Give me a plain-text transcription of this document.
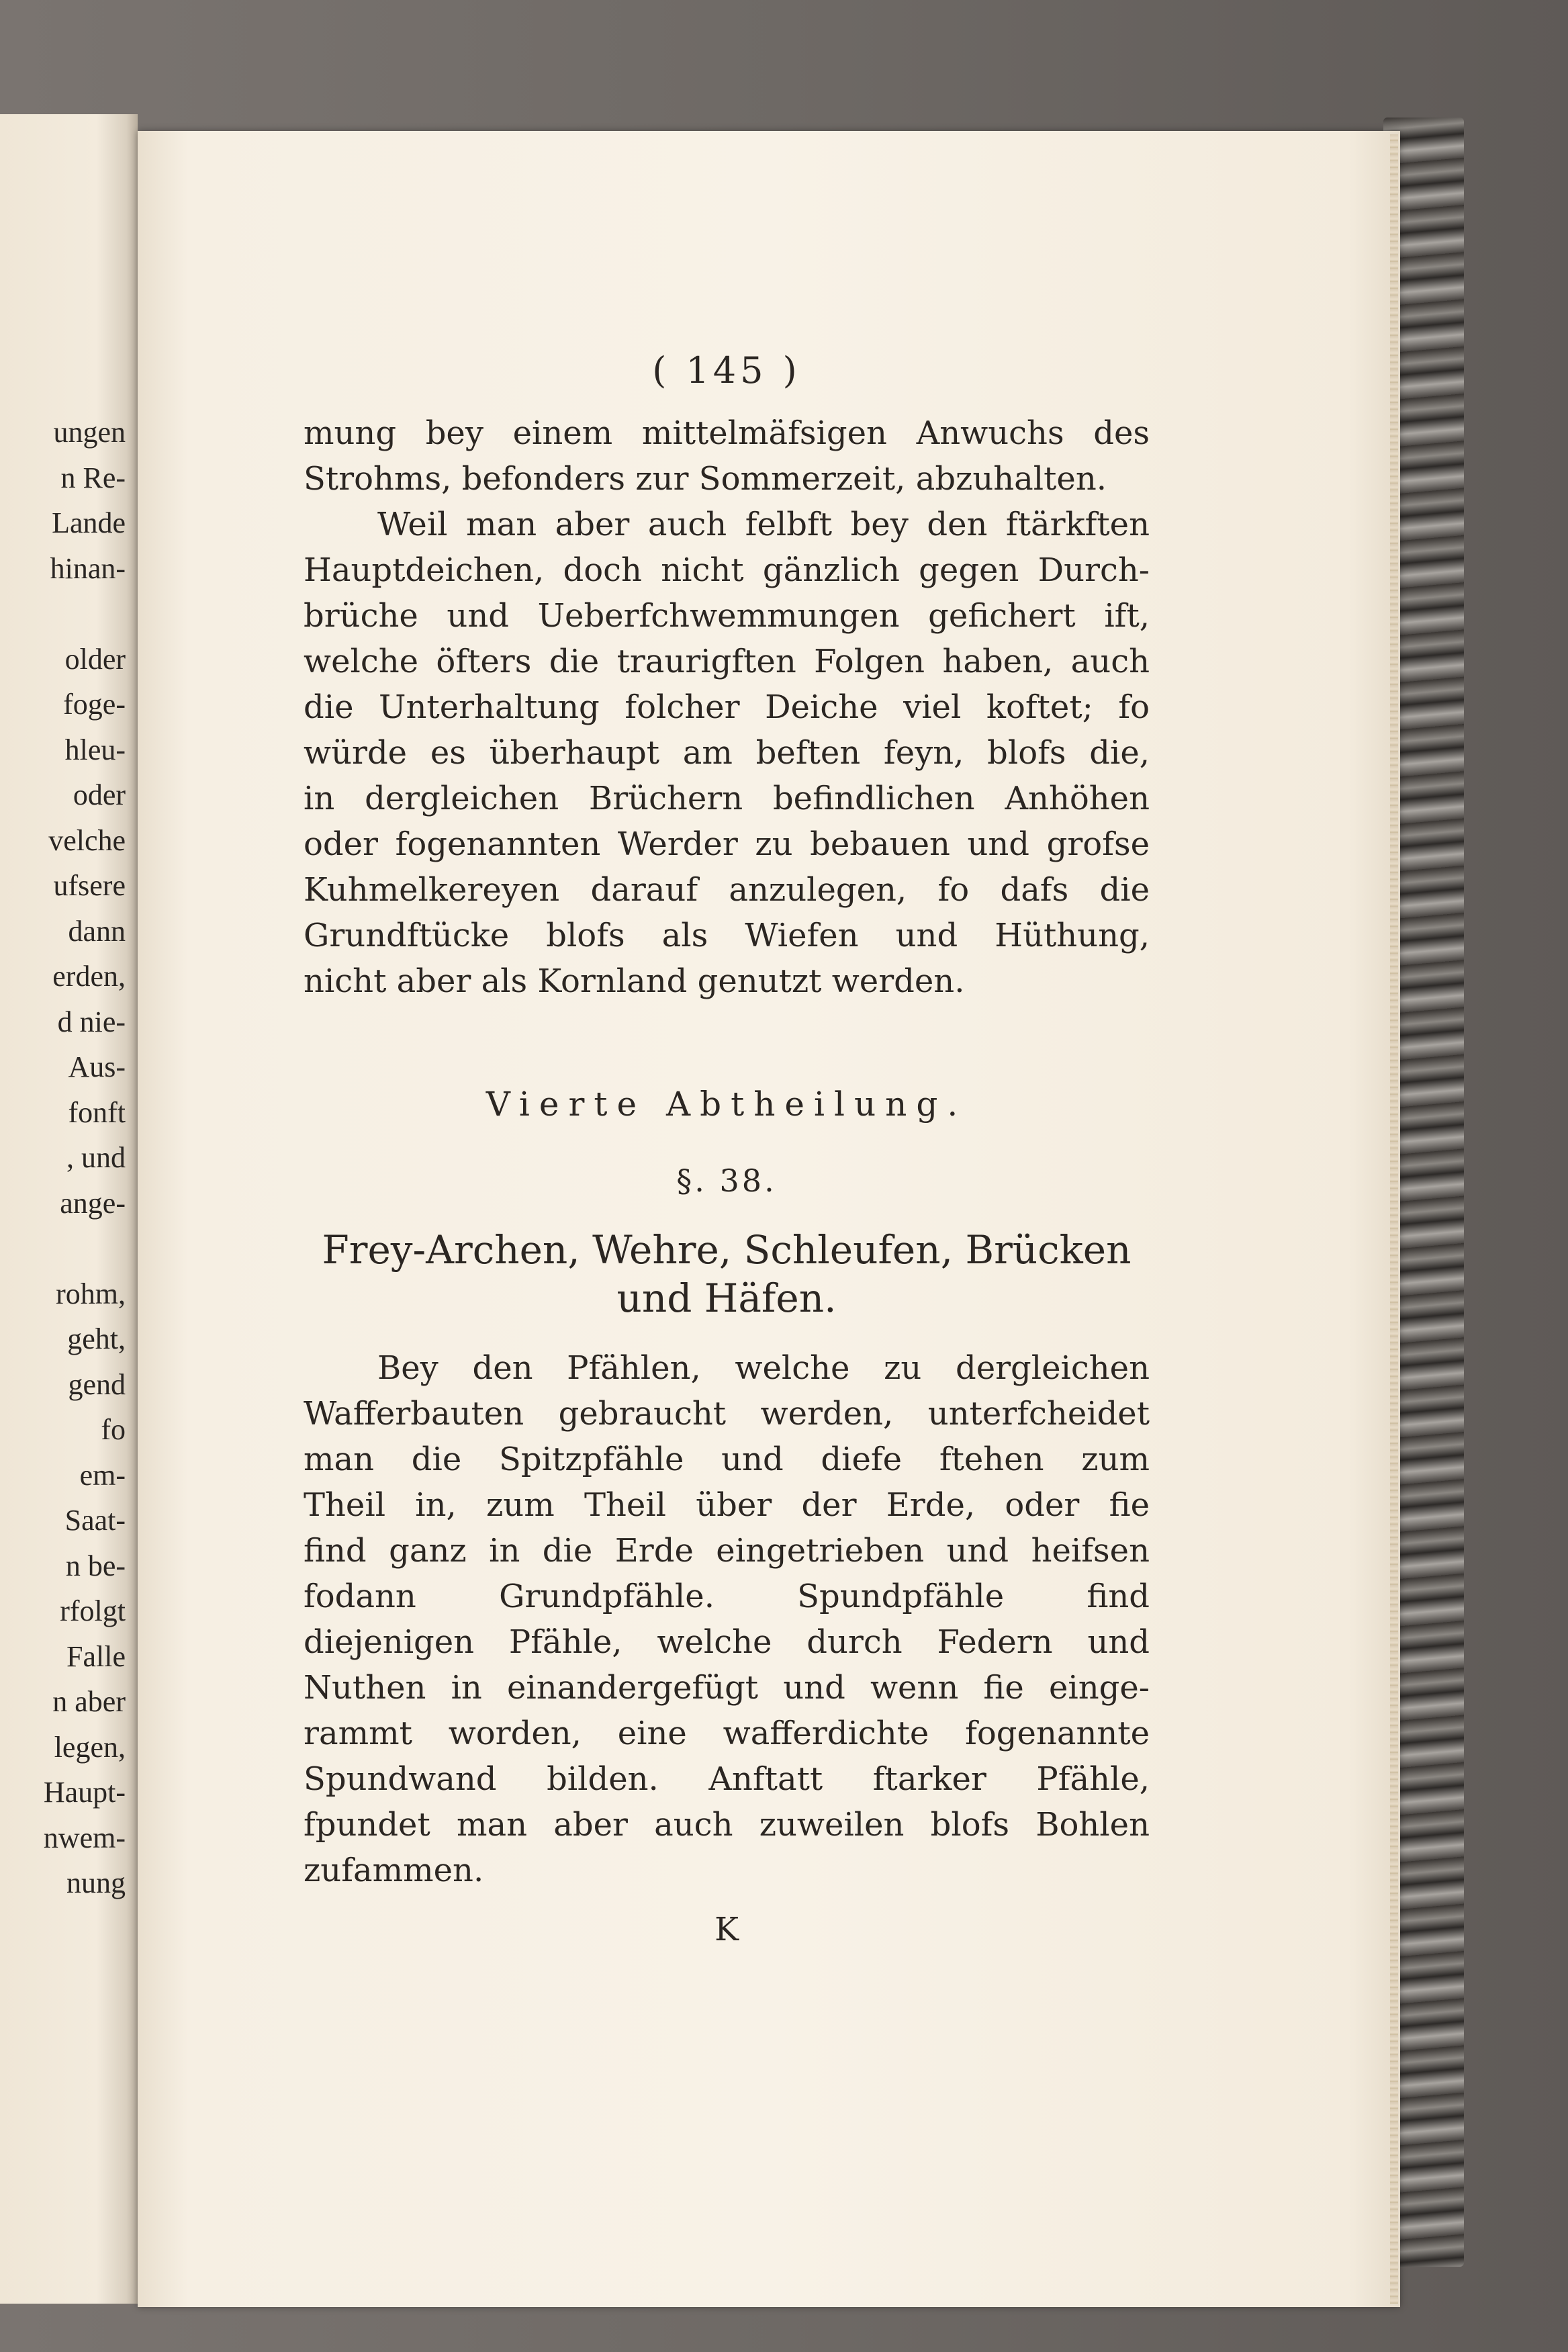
ungen
n Re-
Lande
hinan-
older
foge-
hleu-
oder
velche
ufsere
dann
erden,
d nie-
Aus-
fonft
, und
ange-
rohm,
geht,
gend
fo
em-
Saat-
n be-
rfolgt
Falle
n aber
legen,
Haupt-
nwem-
nung
( 145 )
mung bey einem mittelmäfsigen Anwuchs des
Strohms, befonders zur Sommerzeit, abzuhalten.
Weil man aber auch felbft bey den ftärkften
Hauptdeichen, doch nicht gänzlich gegen Durch-
brüche und Ueberfchwemmungen gefichert ift,
welche öfters die traurigften Folgen haben, auch
die Unterhaltung folcher Deiche viel koftet; fo
würde es überhaupt am beften feyn, blofs die,
in dergleichen Brüchern befindlichen Anhöhen
oder fogenannten Werder zu bebauen und grofse
Kuhmelkereyen darauf anzulegen, fo dafs die
Grundftücke blofs als Wiefen und Hüthung,
nicht aber als Kornland genutzt werden.
Vierte Abtheilung.
§. 38.
Frey-Archen, Wehre, Schleufen, Brücken
und Häfen.
Bey den Pfählen, welche zu dergleichen
Wafferbauten gebraucht werden, unterfcheidet
man die Spitzpfähle und diefe ftehen zum
Theil in, zum Theil über der Erde, oder fie
find ganz in die Erde eingetrieben und heifsen
fodann Grundpfähle. Spundpfähle find
diejenigen Pfähle, welche durch Federn und
Nuthen in einandergefügt und wenn fie einge-
rammt worden, eine wafferdichte fogenannte
Spundwand bilden. Anftatt ftarker Pfähle,
fpundet man aber auch zuweilen blofs Bohlen
zufammen.
K
